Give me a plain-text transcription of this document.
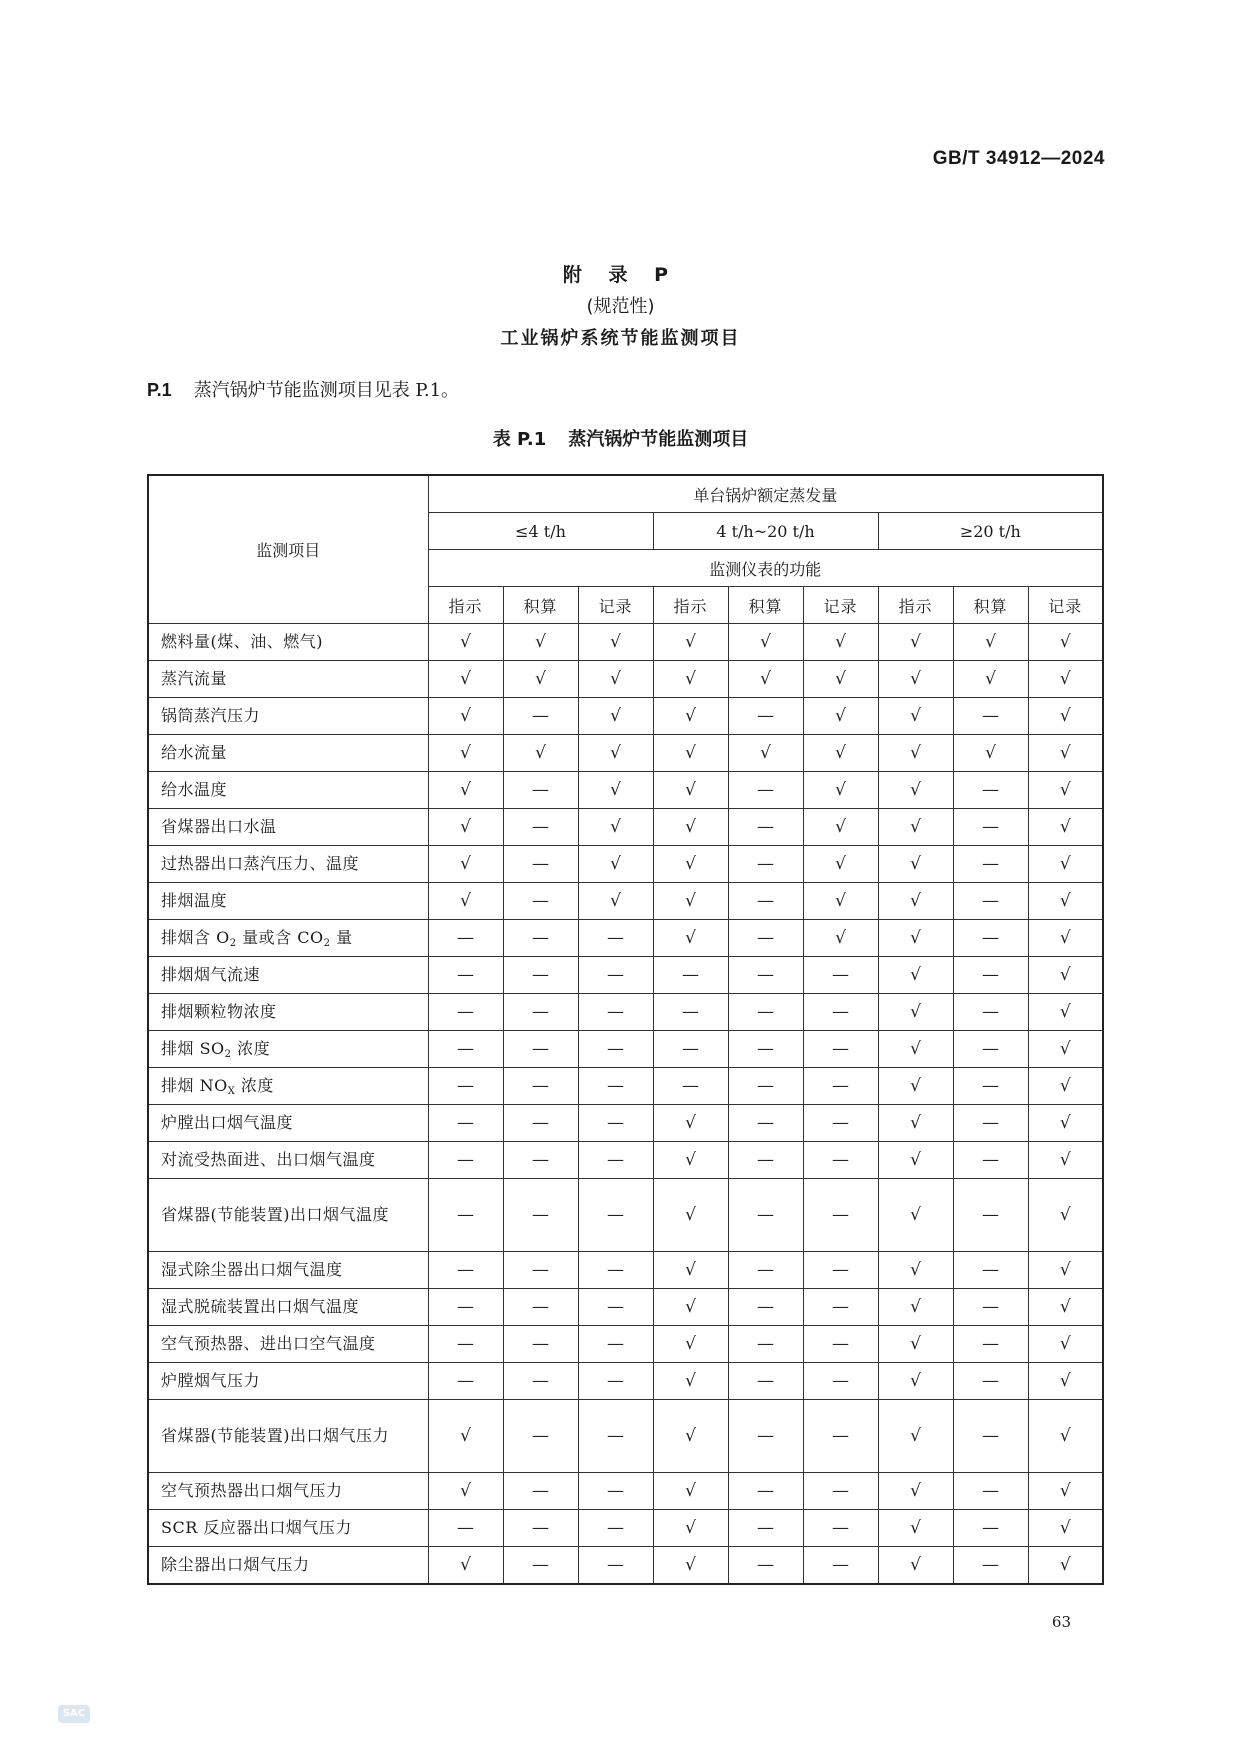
GB/T 34912—2024
附 录 P
(规范性)
工业锅炉系统节能监测项目
P.1 蒸汽锅炉节能监测项目见表 P.1。
表 P.1 蒸汽锅炉节能监测项目
监测项目	单台锅炉额定蒸发量								
	≤4 t/h			4 t/h~20 t/h			≥20 t/h		
	监测仪表的功能								
	指示	积算	记录	指示	积算	记录	指示	积算	记录
燃料量(煤、油、燃气)	√	√	√	√	√	√	√	√	√
蒸汽流量	√	√	√	√	√	√	√	√	√
锅筒蒸汽压力	√	—	√	√	—	√	√	—	√
给水流量	√	√	√	√	√	√	√	√	√
给水温度	√	—	√	√	—	√	√	—	√
省煤器出口水温	√	—	√	√	—	√	√	—	√
过热器出口蒸汽压力、温度	√	—	√	√	—	√	√	—	√
排烟温度	√	—	√	√	—	√	√	—	√
排烟含 $O_2$ 量或含 $CO_2$ 量	—	—	—	√	—	√	√	—	√
排烟烟气流速	—	—	—	—	—	—	√	—	√
排烟颗粒物浓度	—	—	—	—	—	—	√	—	√
排烟 $SO_2$ 浓度	—	—	—	—	—	—	√	—	√
排烟 $NO_X$ 浓度	—	—	—	—	—	—	√	—	√
炉膛出口烟气温度	—	—	—	√	—	—	√	—	√
对流受热面进、出口烟气温度	—	—	—	√	—	—	√	—	√
省煤器(节能装置)出口烟气温度	—	—	—	√	—	—	√	—	√
湿式除尘器出口烟气温度	—	—	—	√	—	—	√	—	√
湿式脱硫装置出口烟气温度	—	—	—	√	—	—	√	—	√
空气预热器、进出口空气温度	—	—	—	√	—	—	√	—	√
炉膛烟气压力	—	—	—	√	—	—	√	—	√
省煤器(节能装置)出口烟气压力	√	—	—	√	—	—	√	—	√
空气预热器出口烟气压力	√	—	—	√	—	—	√	—	√
SCR 反应器出口烟气压力	—	—	—	√	—	—	√	—	√
除尘器出口烟气压力	√	—	—	√	—	—	√	—	√
63
SAC
